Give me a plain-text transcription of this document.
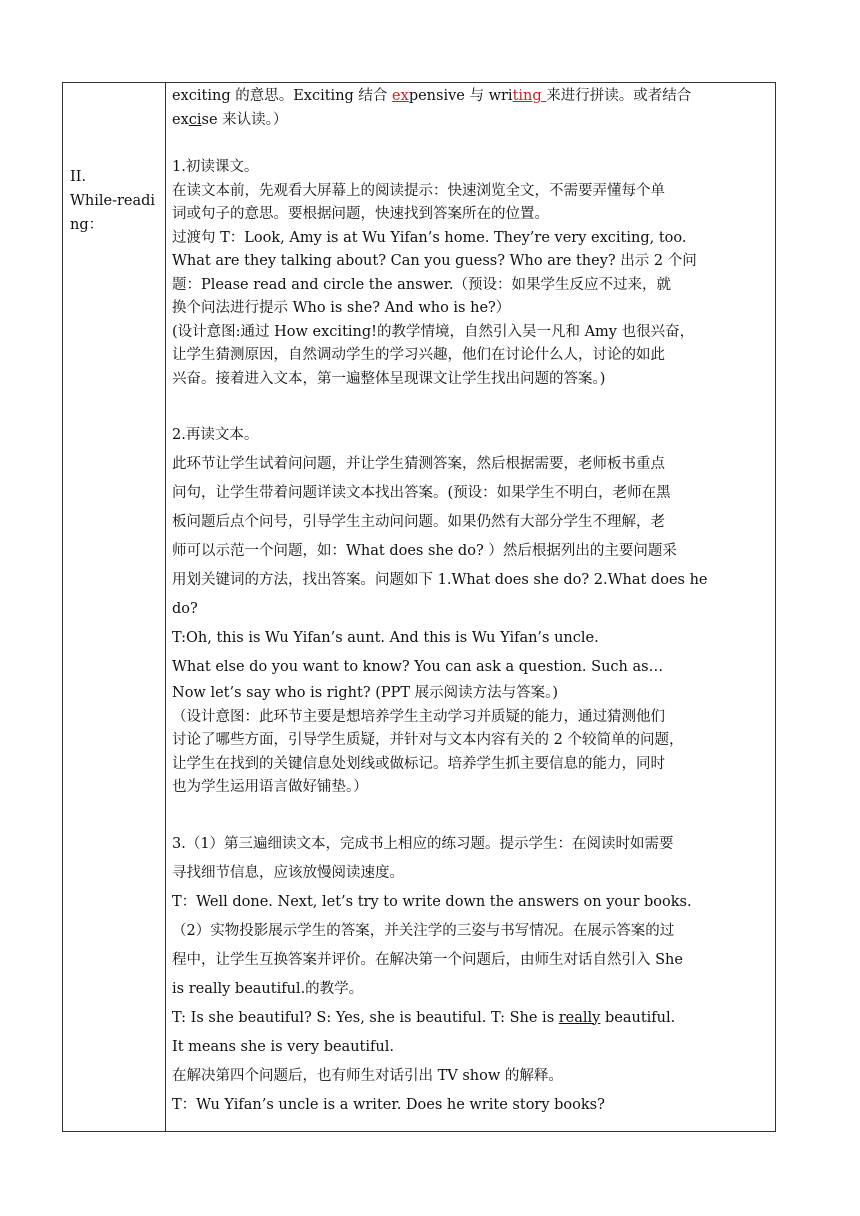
II.
While-reading：

exciting 的意思。Exciting 结合 expensive 与 writing 来进行拼读。或者结合
excise 来认读。）
1.初读课文。
在读文本前，先观看大屏幕上的阅读提示：快速浏览全文，不需要弄懂每个单
词或句子的意思。要根据问题，快速找到答案所在的位置。
过渡句 T：Look, Amy is at Wu Yifan’s home. They’re very exciting, too.
What are they talking about? Can you guess? Who are they? 出示 2 个问
题：Please read and circle the answer.（预设：如果学生反应不过来，就
换个问法进行提示 Who is she? And who is he?）
(设计意图:通过 How exciting!的教学情境，自然引入吴一凡和 Amy 也很兴奋，
让学生猜测原因，自然调动学生的学习兴趣，他们在讨论什么人，讨论的如此
兴奋。接着进入文本，第一遍整体呈现课文让学生找出问题的答案。)
2.再读文本。
此环节让学生试着问问题，并让学生猜测答案，然后根据需要，老师板书重点
问句，让学生带着问题详读文本找出答案。(预设：如果学生不明白，老师在黑
板问题后点个问号，引导学生主动问问题。如果仍然有大部分学生不理解，老
师可以示范一个问题，如：What does she do? ）然后根据列出的主要问题采
用划关键词的方法，找出答案。问题如下 1.What does she do? 2.What does he
do?
T:Oh, this is Wu Yifan’s aunt. And this is Wu Yifan’s uncle.
What else do you want to know? You can ask a question. Such as…
Now let’s say who is right? (PPT 展示阅读方法与答案。)
（设计意图：此环节主要是想培养学生主动学习并质疑的能力，通过猜测他们
讨论了哪些方面，引导学生质疑，并针对与文本内容有关的 2 个较简单的问题，
让学生在找到的关键信息处划线或做标记。培养学生抓主要信息的能力，同时
也为学生运用语言做好铺垫。）
3.（1）第三遍细读文本，完成书上相应的练习题。提示学生：在阅读时如需要
寻找细节信息，应该放慢阅读速度。
T：Well done. Next, let’s try to write down the answers on your books.
（2）实物投影展示学生的答案，并关注学的三姿与书写情况。在展示答案的过
程中，让学生互换答案并评价。在解决第一个问题后，由师生对话自然引入 She
is really beautiful.的教学。
T: Is she beautiful? S: Yes, she is beautiful. T: She is really beautiful.
It means she is very beautiful.
在解决第四个问题后，也有师生对话引出 TV show 的解释。
T：Wu Yifan’s uncle is a writer. Does he write story books?
